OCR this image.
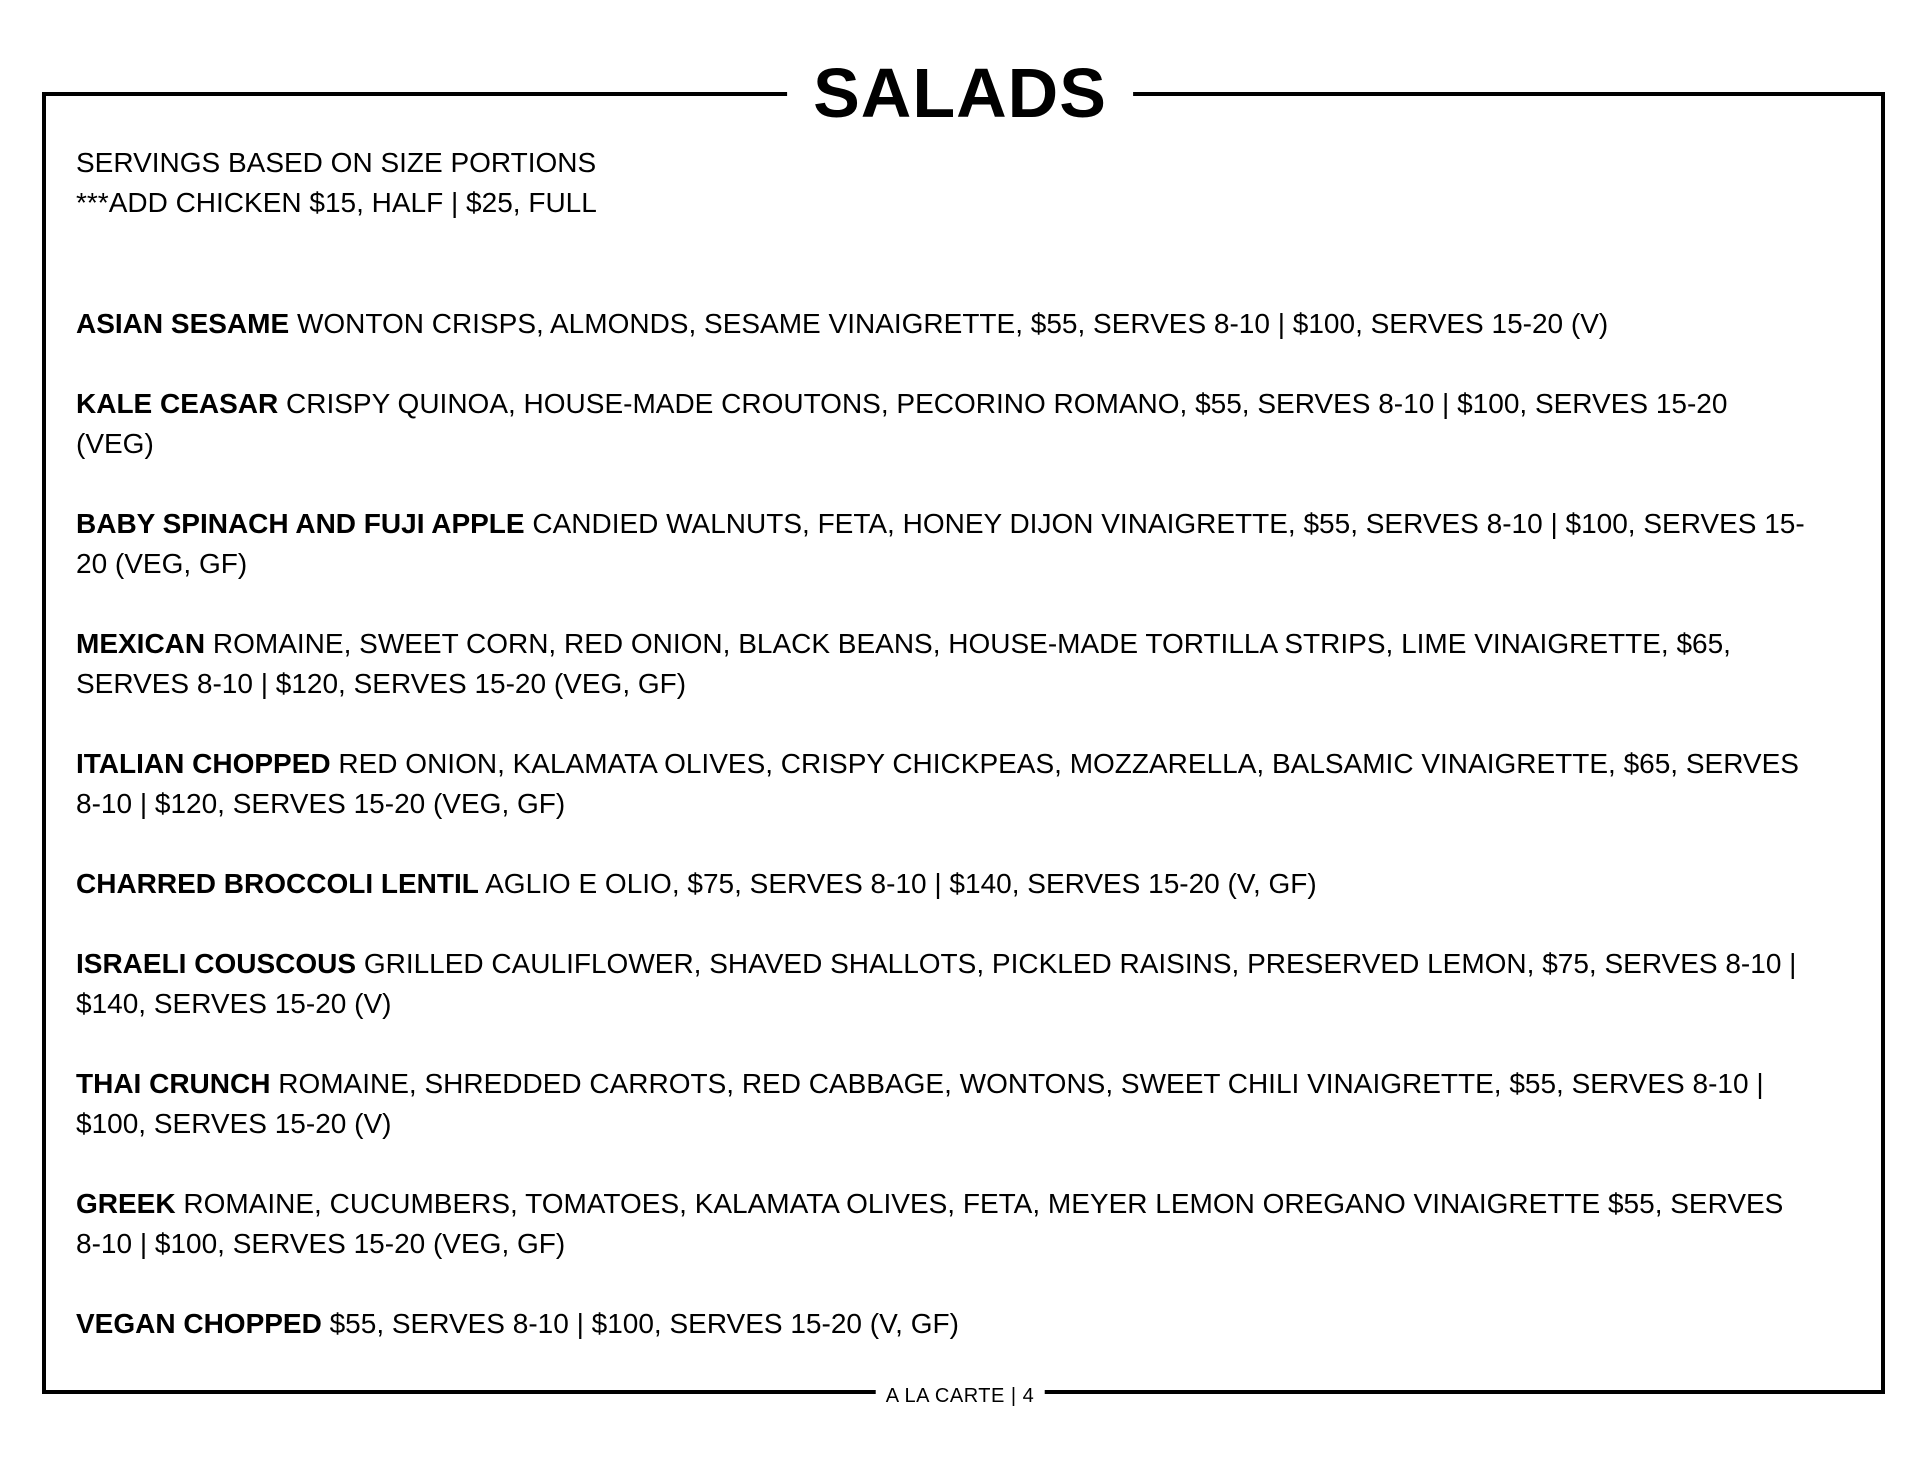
SALADS

SERVINGS BASED ON SIZE PORTIONS

***ADD CHICKEN $15, HALF | $25, FULL

ASIAN SESAME WONTON CRISPS, ALMONDS, SESAME VINAIGRETTE, $55, SERVES 8-10 | $100, SERVES 15-20 (V)

KALE CEASAR CRISPY QUINOA, HOUSE-MADE CROUTONS, PECORINO ROMANO, $55, SERVES 8-10 | $100, SERVES 15-20 (VEG)

BABY SPINACH AND FUJI APPLE CANDIED WALNUTS, FETA, HONEY DIJON VINAIGRETTE, $55, SERVES 8-10 | $100, SERVES 15-20 (VEG, GF)

MEXICAN ROMAINE, SWEET CORN, RED ONION, BLACK BEANS, HOUSE-MADE TORTILLA STRIPS, LIME VINAIGRETTE, $65, SERVES 8-10 | $120, SERVES 15-20 (VEG, GF)

ITALIAN CHOPPED RED ONION, KALAMATA OLIVES, CRISPY CHICKPEAS, MOZZARELLA, BALSAMIC VINAIGRETTE, $65, SERVES 8-10 | $120, SERVES 15-20 (VEG, GF)

CHARRED BROCCOLI LENTIL AGLIO E OLIO, $75, SERVES 8-10 | $140, SERVES 15-20 (V, GF)

ISRAELI COUSCOUS GRILLED CAULIFLOWER, SHAVED SHALLOTS, PICKLED RAISINS, PRESERVED LEMON, $75, SERVES 8-10 | $140, SERVES 15-20 (V)

THAI CRUNCH ROMAINE, SHREDDED CARROTS, RED CABBAGE, WONTONS, SWEET CHILI VINAIGRETTE, $55, SERVES 8-10 | $100, SERVES 15-20 (V)

GREEK ROMAINE, CUCUMBERS, TOMATOES, KALAMATA OLIVES, FETA, MEYER LEMON OREGANO VINAIGRETTE $55, SERVES 8-10 | $100, SERVES 15-20 (VEG, GF)

VEGAN CHOPPED $55, SERVES 8-10 | $100, SERVES 15-20 (V, GF)

A LA CARTE | 4
